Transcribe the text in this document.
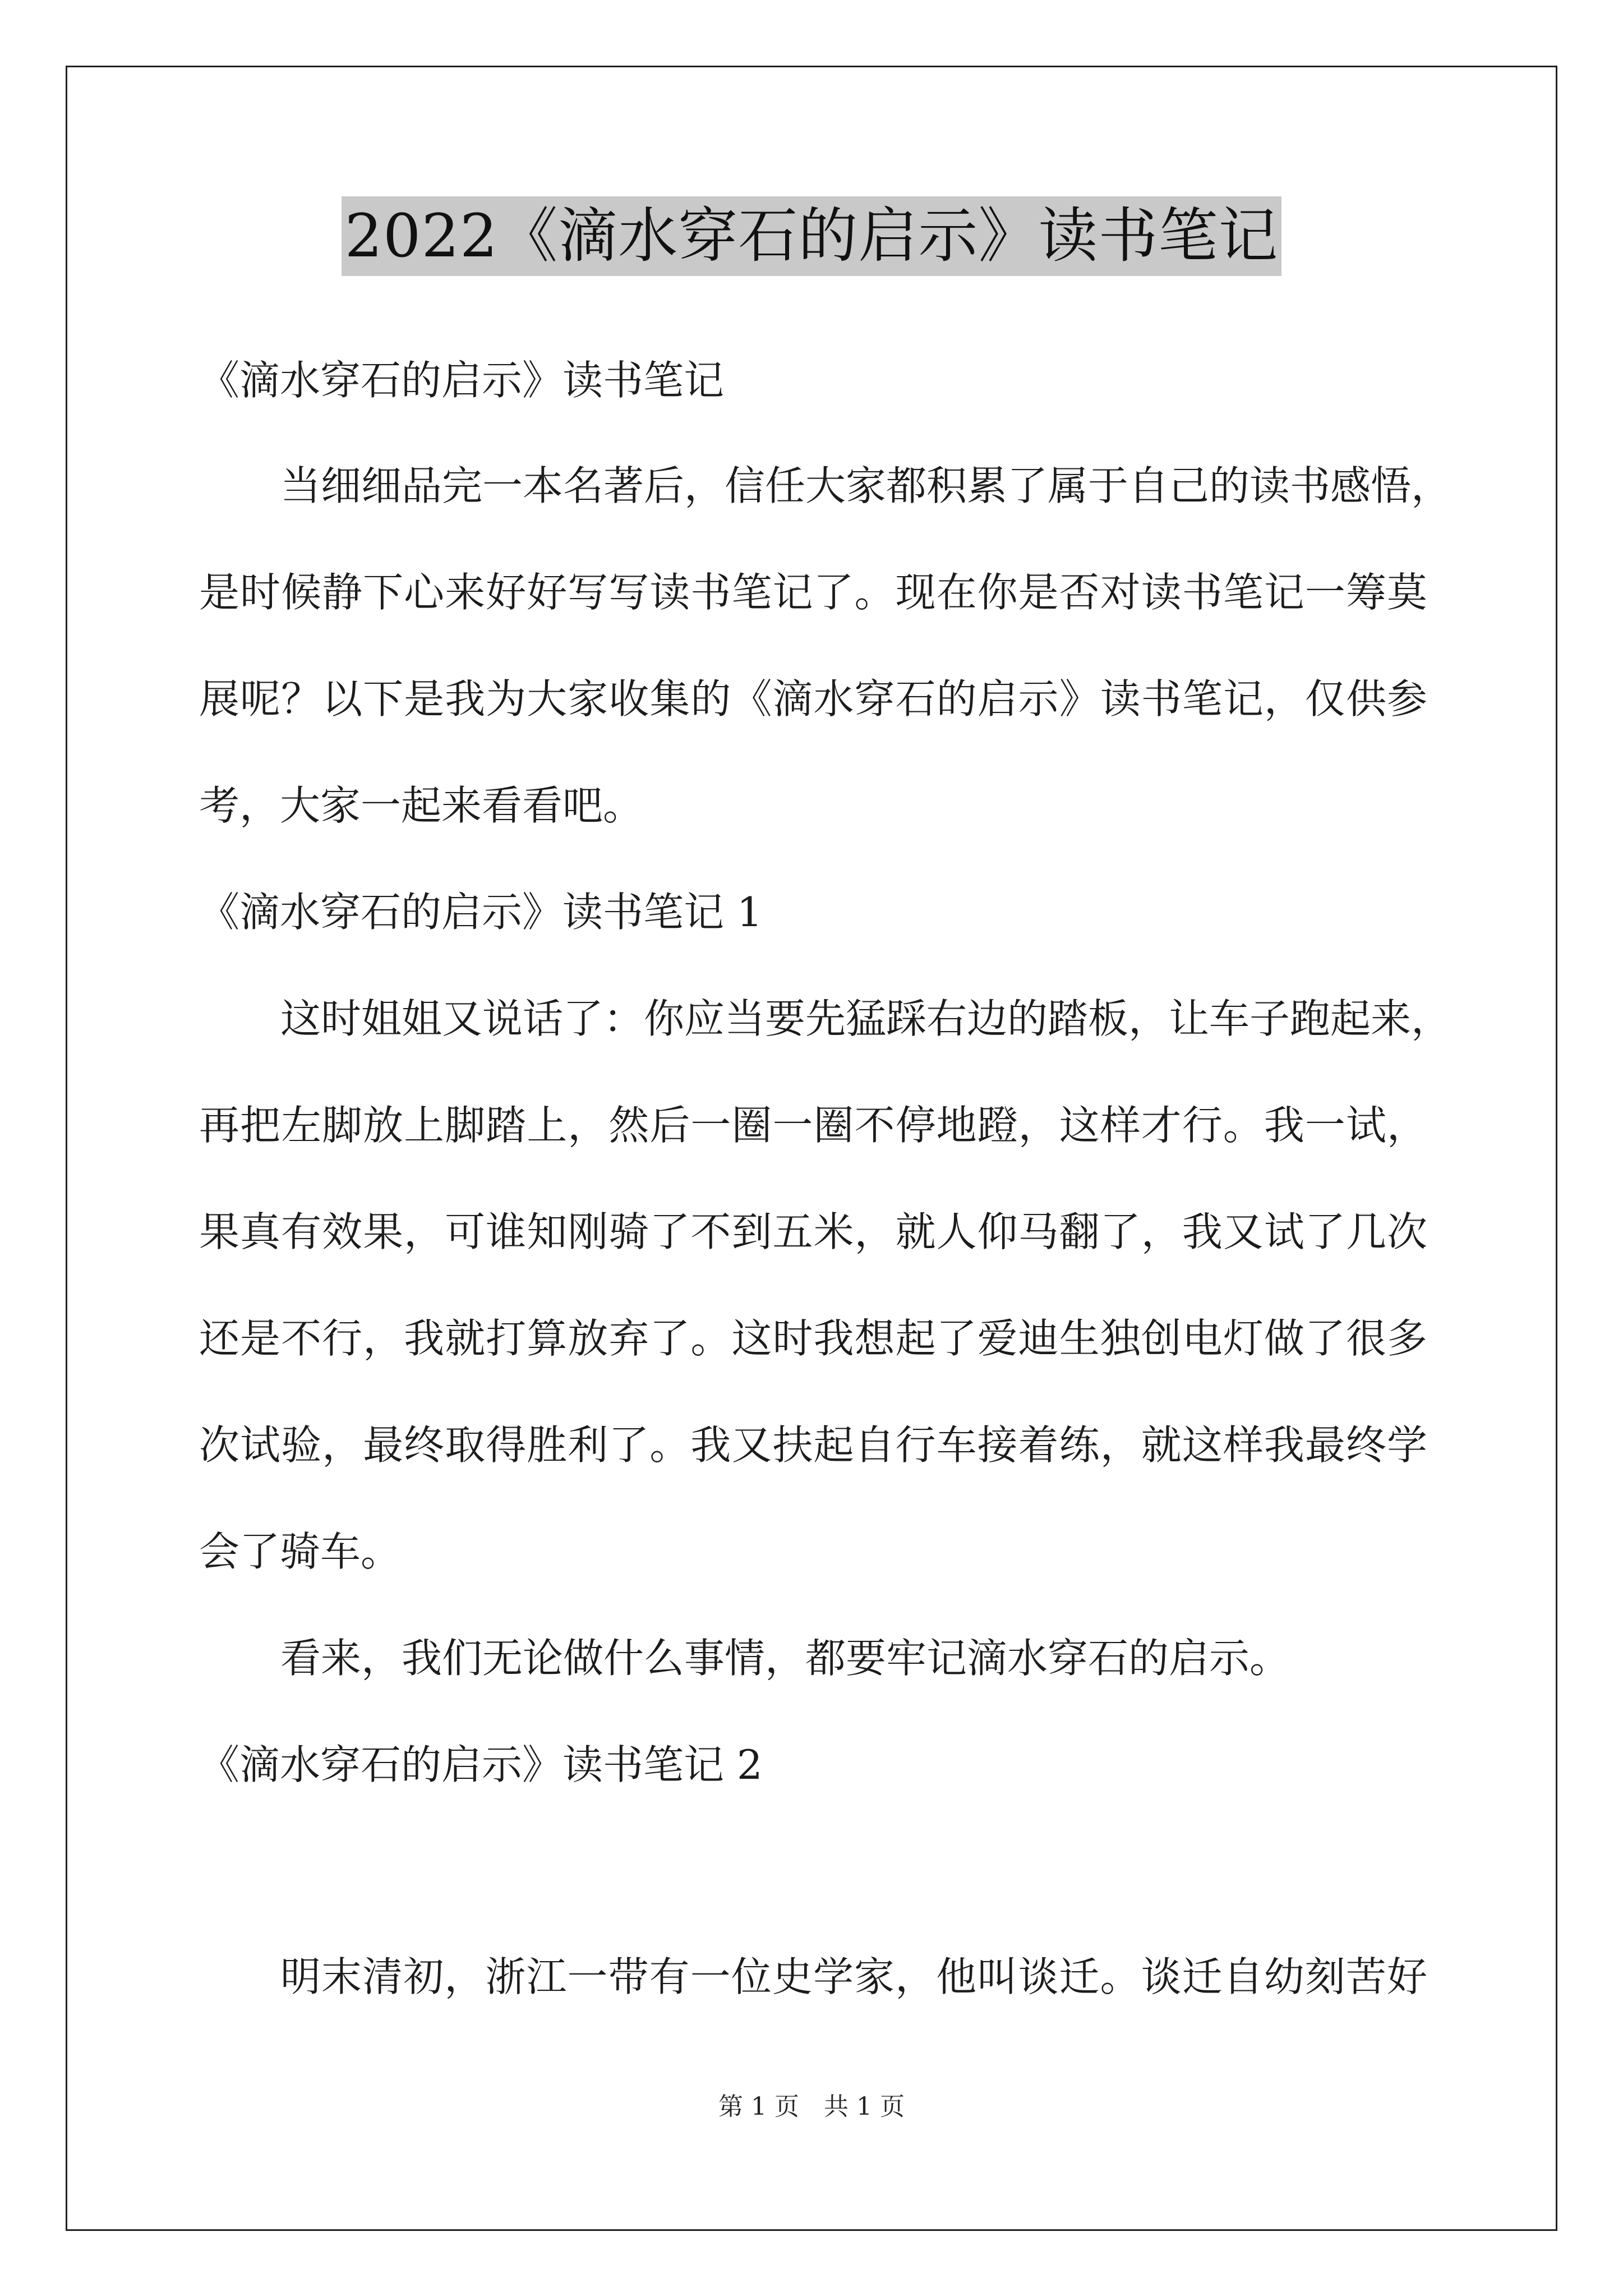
2022《滴水穿石的启示》读书笔记
《滴水穿石的启示》读书笔记
当细细品完一本名著后，信任大家都积累了属于自己的读书感悟，
是时候静下心来好好写写读书笔记了。现在你是否对读书笔记一筹莫
展呢？以下是我为大家收集的《滴水穿石的启示》读书笔记，仅供参
考，大家一起来看看吧。
《滴水穿石的启示》读书笔记 1
这时姐姐又说话了：你应当要先猛踩右边的踏板，让车子跑起来，
再把左脚放上脚踏上，然后一圈一圈不停地蹬，这样才行。我一试，
果真有效果，可谁知刚骑了不到五米，就人仰马翻了，我又试了几次
还是不行，我就打算放弃了。这时我想起了爱迪生独创电灯做了很多
次试验，最终取得胜利了。我又扶起自行车接着练，就这样我最终学
会了骑车。
看来，我们无论做什么事情，都要牢记滴水穿石的启示。
《滴水穿石的启示》读书笔记 2
明末清初，浙江一带有一位史学家，他叫谈迁。谈迁自幼刻苦好
第 1 页　共 1 页
